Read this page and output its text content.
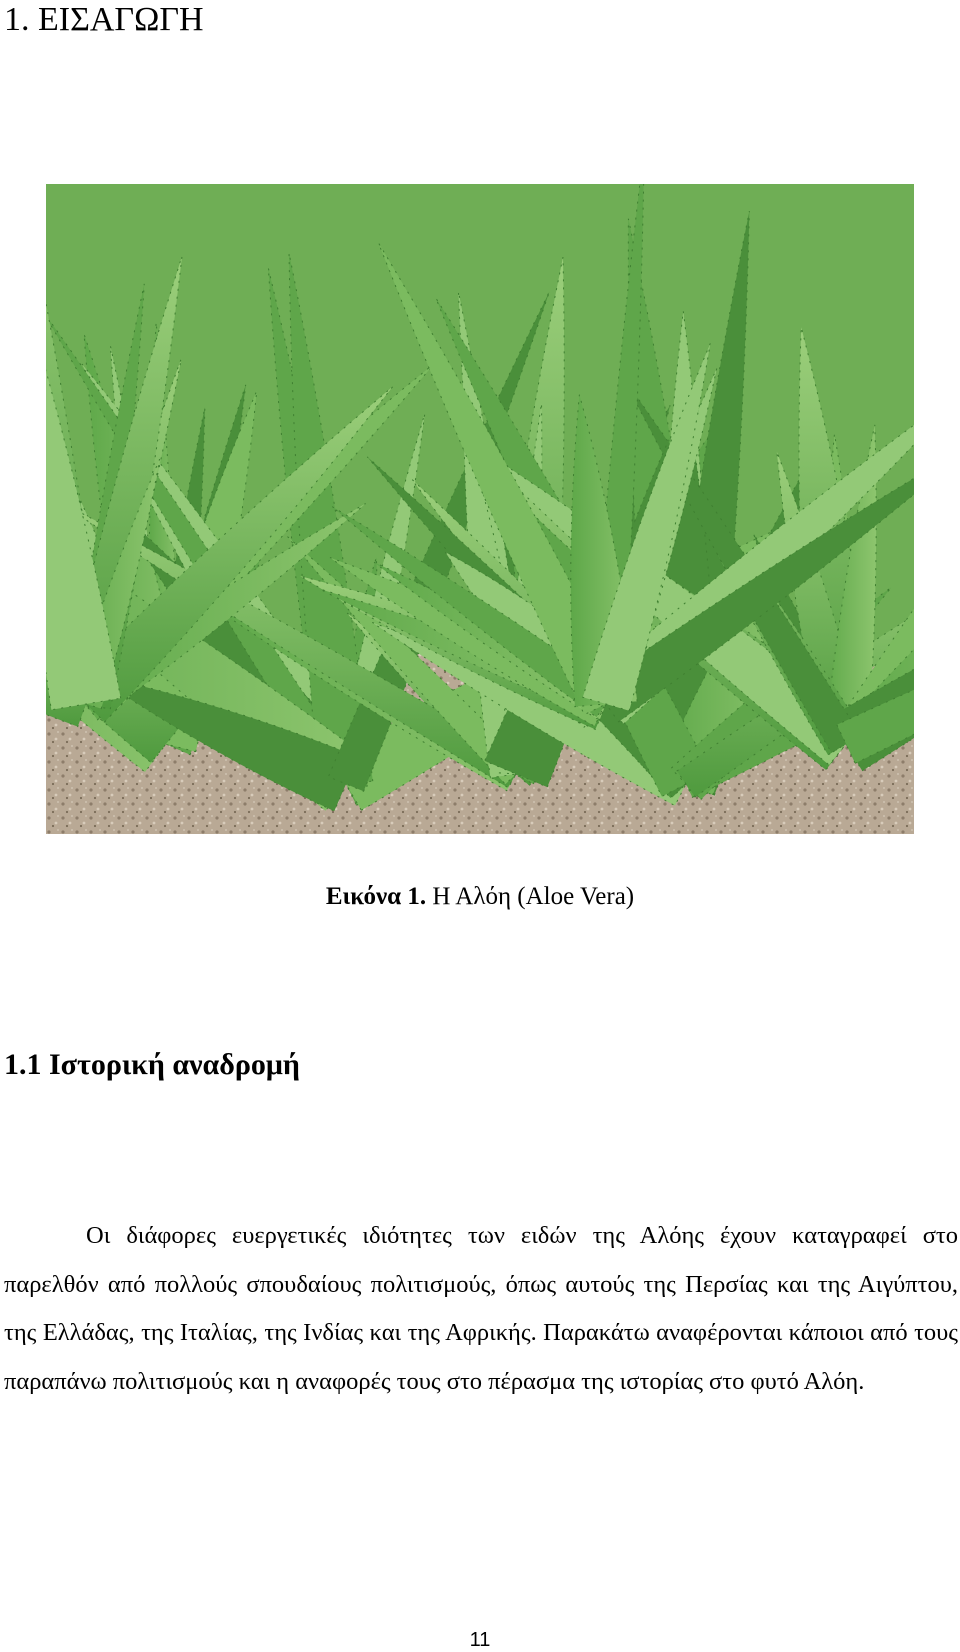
1. ΕΙΣΑΓΩΓΗ
Εικόνα 1. Η Αλόη (Aloe Vera)
1.1 Ιστορική αναδρομή

Οι διάφορες ευεργετικές ιδιότητες των ειδών της Αλόης έχουν καταγραφεί στο παρελθόν από πολλούς σπουδαίους πολιτισμούς, όπως αυτούς της Περσίας και της Αιγύπτου, της Ελλάδας, της Ιταλίας, της Ινδίας και της Αφρικής. Παρακάτω αναφέρονται κάποιοι από τους παραπάνω πολιτισμούς και η αναφορές τους στο πέρασμα της ιστορίας στο φυτό Αλόη.

11
